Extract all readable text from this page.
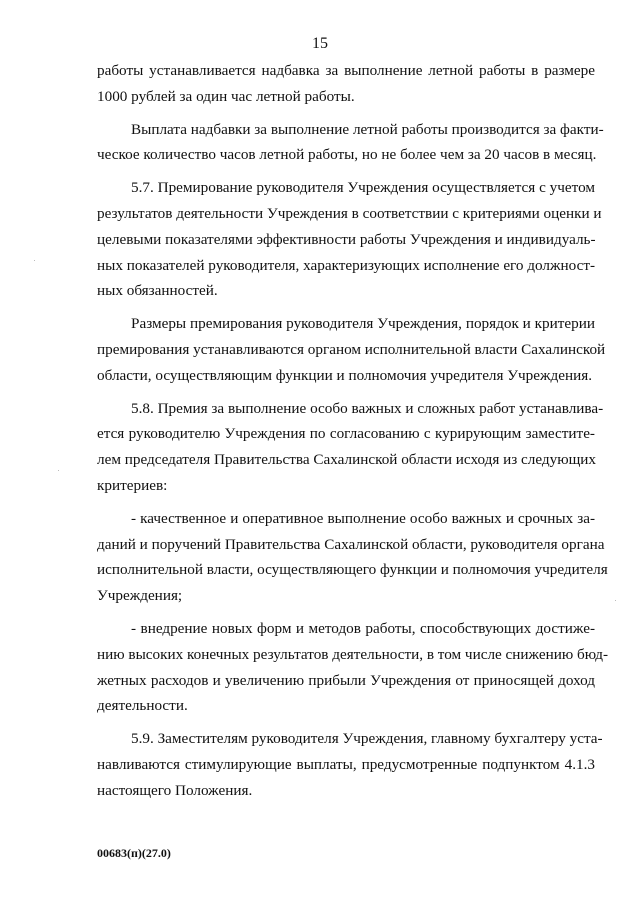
15
работы устанавливается надбавка за выполнение летной работы в размере
1000 рублей за один час летной работы.
Выплата надбавки за выполнение летной работы производится за факти-
ческое количество часов летной работы, но не более чем за 20 часов в месяц.
5.7. Премирование руководителя Учреждения осуществляется с учетом
результатов деятельности Учреждения в соответствии с критериями оценки и
целевыми показателями эффективности работы Учреждения и индивидуаль-
ных показателей руководителя, характеризующих исполнение его должност-
ных обязанностей.
Размеры премирования руководителя Учреждения, порядок и критерии
премирования устанавливаются органом исполнительной власти Сахалинской
области, осуществляющим функции и полномочия учредителя Учреждения.
5.8. Премия за выполнение особо важных и сложных работ устанавлива-
ется руководителю Учреждения по согласованию с курирующим заместите-
лем председателя Правительства Сахалинской области исходя из следующих
критериев:
- качественное и оперативное выполнение особо важных и срочных за-
даний и поручений Правительства Сахалинской области, руководителя органа
исполнительной власти, осуществляющего функции и полномочия учредителя
Учреждения;
- внедрение новых форм и методов работы, способствующих достиже-
нию высоких конечных результатов деятельности, в том числе снижению бюд-
жетных расходов и увеличению прибыли Учреждения от приносящей доход
деятельности.
5.9. Заместителям руководителя Учреждения, главному бухгалтеру уста-
навливаются стимулирующие выплаты, предусмотренные подпунктом 4.1.3
настоящего Положения.
00683(п)(27.0)
